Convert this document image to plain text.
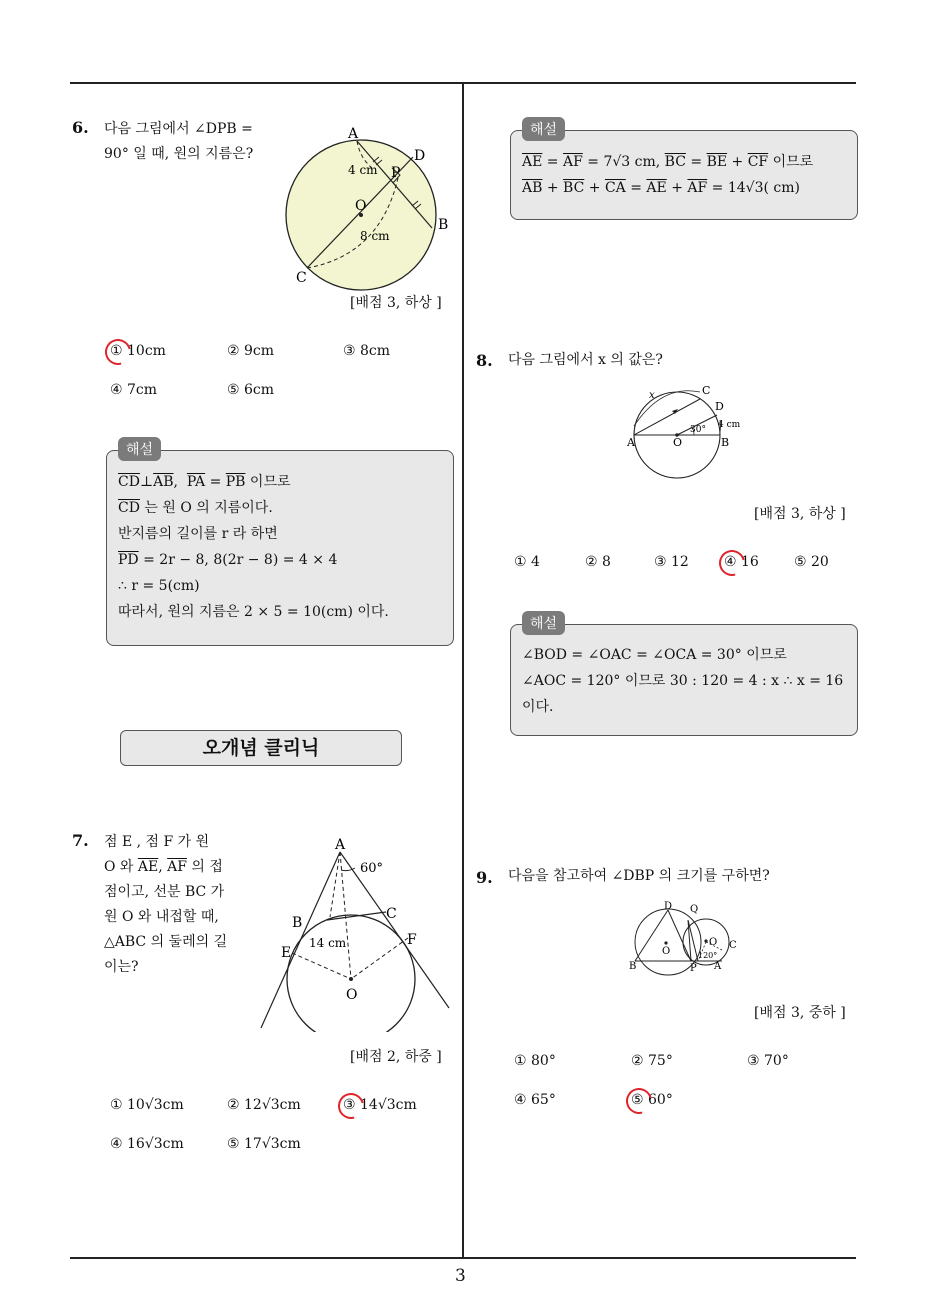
6. 다음 그림에서 ∠DPB =
90° 일 때, 원의 지름은?
A
D
P
O
B
C
4 cm
8 cm
[배점 3, 하상 ]
① 10cm	② 9cm	③ 8cm
④ 7cm	⑤ 6cm
해설
$\overline{CD}\perp\overline{AB}$, $\overline{PA} = \overline{PB}$ 이므로
$\overline{CD}$ 는 원 O 의 지름이다.
반지름의 길이를 r 라 하면
$\overline{PD} = 2r - 8$, 8(2r − 8) = 4 × 4
∴ r = 5(cm)
따라서, 원의 지름은 2 × 5 = 10(cm) 이다.
오개념 클리닉
7. 점 E , 점 F 가 원
O 와 $\overline{AE}$, $\overline{AF}$ 의 접
점이고, 선분 BC 가
원 O 와 내접할 때,
△ABC 의 둘레의 길
이는?
A
60°
B
C
14 cm
E
F
O
[배점 2, 하중 ]
① 10√3cm	② 12√3cm	③ 14√3cm
④ 16√3cm	⑤ 17√3cm
해설
$\overline{AE} = \overline{AF} = 7√3$ cm, $\overline{BC} = \overline{BE} + \overline{CF}$ 이므로
$\overline{AB} + \overline{BC} + \overline{CA} = \overline{AE} + \overline{AF} = 14√3$( cm)
8. 다음 그림에서 x 의 값은?
x	C
D
4 cm
30°
A	O	B
[배점 3, 하상 ]
① 4	② 8	③ 12	④ 16	⑤ 20
해설
∠BOD = ∠OAC = ∠OCA = 30° 이므로
∠AOC = 120° 이므로 30 : 120 = 4 : x ∴ x = 16
이다.
9. 다음을 참고하여 ∠DBP 의 크기를 구하면?
D Q
O
O C
120°
B	P A
[배점 3, 중하 ]
① 80°	② 75°	③ 70°
④ 65°	⑤ 60°
3
